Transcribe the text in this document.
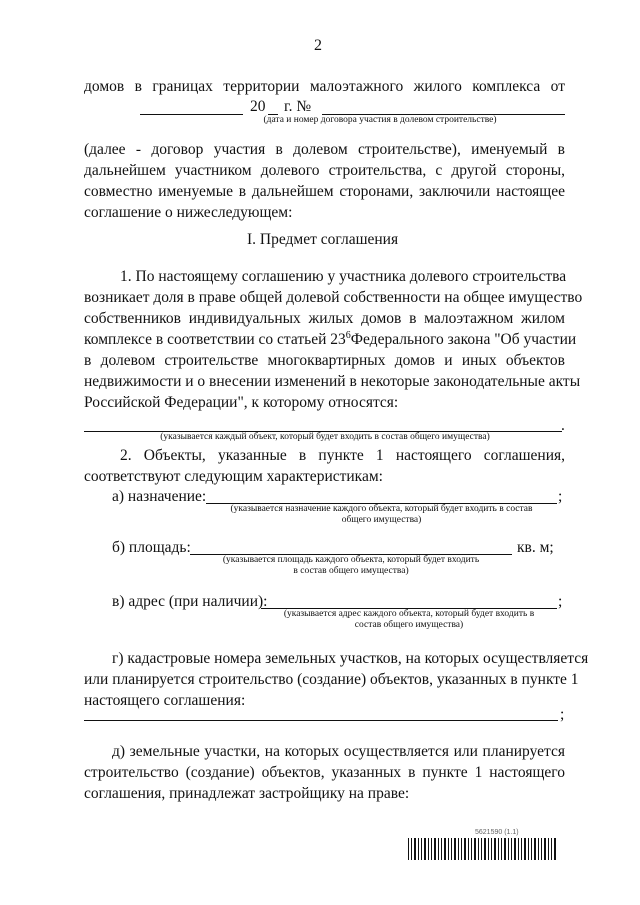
2
домов в границах территории малоэтажного жилого комплекса от
20 г. №
(дата и номер договора участия в долевом строительстве)
(далее - договор участия в долевом строительстве), именуемый в
дальнейшем участником долевого строительства, с другой стороны,
совместно именуемые в дальнейшем сторонами, заключили настоящее
соглашение о нижеследующем:
I. Предмет соглашения
1. По настоящему соглашению у участника долевого строительства
возникает доля в праве общей долевой собственности на общее имущество
собственников индивидуальных жилых домов в малоэтажном жилом
комплексе в соответствии со статьей $23^6$ Федерального закона "Об участии
в долевом строительстве многоквартирных домов и иных объектов
недвижимости и о внесении изменений в некоторые законодательные акты
Российской Федерации", к которому относятся:
.
(указывается каждый объект, который будет входить в состав общего имущества)
2. Объекты, указанные в пункте 1 настоящего соглашения,
соответствуют следующим характеристикам:
а) назначение:	;
(указывается назначение каждого объекта, который будет входить в состав
общего имущества)
б) площадь:	кв. м;
(указывается площадь каждого объекта, который будет входить
в состав общего имущества)
в) адрес (при наличии):	;
(указывается адрес каждого объекта, который будет входить в
состав общего имущества)
г) кадастровые номера земельных участков, на которых осуществляется
или планируется строительство (создание) объектов, указанных в пункте 1
настоящего соглашения:
;
д) земельные участки, на которых осуществляется или планируется
строительство (создание) объектов, указанных в пункте 1 настоящего
соглашения, принадлежат застройщику на праве:
5621590 (1.1)
